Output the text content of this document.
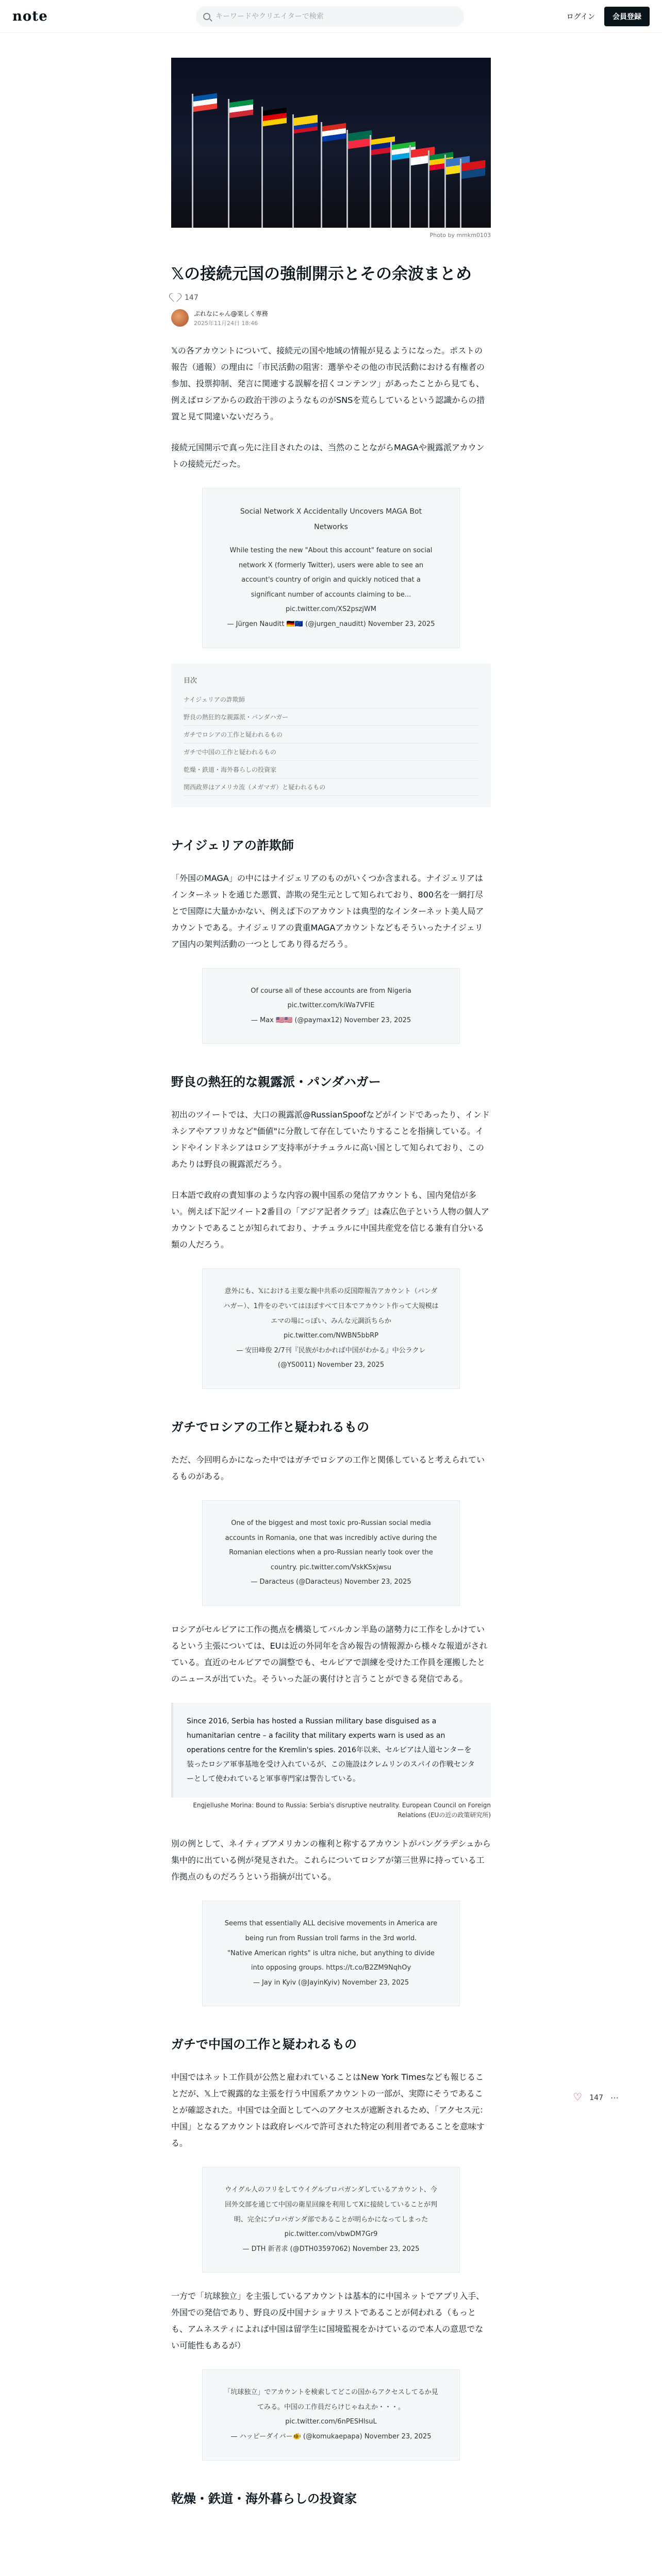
note
キーワードやクリエイターで検索	ログイン	会員登録
Photo by mmkm0103
𝕏の接続元国の強制開示とその余波まとめ
147
ぷれなにゃん@楽しく専務
2025年11月24日 18:46

𝕏の各アカウントについて、接続元の国や地域の情報が見るようになった。ポストの報告（通報）の理由に「市民活動の阻害：選挙やその他の市民活動における有権者の参加、投票抑制、発言に関連する誤解を招くコンテンツ」があったことから見ても、例えばロシアからの政治干渉のようなものがSNSを荒らしているという認識からの措置と見て間違いないだろう。

接続元国開示で真っ先に注目されたのは、当然のことながらMAGAや親露派アカウントの接続元だった。

Social Network X Accidentally Uncovers MAGA Bot Networks
While testing the new "About this account" feature on social network X (formerly Twitter), users were able to see an account's country of origin and quickly noticed that a significant number of accounts claiming to be... pic.twitter.com/XS2pszjWM
— Jürgen Nauditt 🇩🇪🇪🇺 (@jurgen_nauditt) November 23, 2025
目次
ナイジェリアの詐欺師
野良の熱狂的な親露派・パンダハガー
ガチでロシアの工作と疑われるもの
ガチで中国の工作と疑われるもの
乾燥・鉄道・海外暮らしの投資家
関西政界はアメリカ流（メガマガ）と疑われるもの
ナイジェリアの詐欺師

「外国のMAGA」の中にはナイジェリアのものがいくつか含まれる。ナイジェリアはインターネットを通じた悪質、詐欺の発生元として知られており、800名を一網打尽とで国際に大量かかない、例えば下のアカウントは典型的なインターネット美人局アカウントである。ナイジェリアの貴重MAGAアカウントなどもそういったナイジェリア国内の架判活動の一つとしてあり得るだろう。

Of course all of these accounts are from Nigeria pic.twitter.com/kiWa7VFIE
— Max 🇺🇸🇺🇸 (@paymax12) November 23, 2025
野良の熱狂的な親露派・パンダハガー

初出のツイートでは、大口の親露派@RussianSpoofなどがインドであったり、インドネシアやアフリカなど"価値"に分散して存在していたりすることを指摘している。インドやインドネシアはロシア支持率がナチュラルに高い国として知られており、このあたりは野良の親露派だろう。

日本語で政府の責知事のような内容の親中国系の発信アカウントも、国内発信が多い。例えば下記ツイート2番目の「アジア記者クラブ」は森広色子という人物の個人アカウントであることが知られており、ナチュラルに中国共産党を信じる兼有自分いる類の人だろう。

意外にも、𝕏における主要な親中共系の反国際報告アカウント（パンダハガー）、1件をのぞいてはほぼすべて日本でアカウント作って大規模はエマの場にっぽい、みんな元調浜ちらか pic.twitter.com/NWBN5bbRP
— 安田峰俊 2/7刊『民族がわかれば中国がわかる』中公ラクレ (@YS0011) November 23, 2025
ガチでロシアの工作と疑われるもの

ただ、今回明らかになった中ではガチでロシアの工作と関係していると考えられているものがある。

One of the biggest and most toxic pro-Russian social media accounts in Romania, one that was incredibly active during the Romanian elections when a pro-Russian nearly took over the country. pic.twitter.com/VskKSxjwsu
— Daracteus (@Daracteus) November 23, 2025

ロシアがセルビアに工作の拠点を構築してバルカン半島の諸勢力に工作をしかけているという主張については、EUは近の外同年を含め報告の情報源から様々な報道がされている。直近のセルビアでの調整でも、セルビアで訓練を受けた工作員を運搬したとのニュースが出ていた。そういった証の裏付けと言うことができる発信である。

Since 2016, Serbia has hosted a Russian military base disguised as a humanitarian centre – a facility that military experts warn is used as an operations centre for the Kremlin's spies. 2016年以来、セルビアは人道センターを装ったロシア軍事基地を受け入れているが、この施設はクレムリンのスパイの作戦センターとして使われていると軍事専門家は警告している。
Engjellushe Morina: Bound to Russia: Serbia's disruptive neutrality. European Council on Foreign Relations (EUの近の政策研究所)

別の例として、ネイティブアメリカンの権利と称するアカウントがバングラデシュから集中的に出ている例が発見された。これらについてロシアが第三世界に持っている工作拠点のものだろうという指摘が出ている。

Seems that essentially ALL decisive movements in America are being run from Russian troll farms in the 3rd world.
"Native American rights" is ultra niche, but anything to divide into opposing groups. https://t.co/B2ZM9NqhOy
— Jay in Kyiv (@JayinKyiv) November 23, 2025
ガチで中国の工作と疑われるもの

中国ではネット工作員が公然と雇われていることはNew York Timesなども報じることだが、𝕏上で親露的な主張を行う中国系アカウントの一部が、実際にそうであることが確認された。中国では全面としてへのアクセスが遮断されるため、「アクセス元：中国」となるアカウントは政府レベルで許可された特定の利用者であることを意味する。

ウイグル人のフリをしてウイグルプロパガンダしているアカウント、今回外交部を通じて中国の衛星回線を利用してXに接続していることが判明、完全にプロパガンダ部であることが明らかになってしまった pic.twitter.com/vbwDM7Gr9
— DTH 新者求 (@DTH03597062) November 23, 2025

一方で「坑球独立」を主張しているアカウントは基本的に中国ネットでアプリ入手、外国での発信であり、野良の反中国ナショナリストであることが伺われる（もっとも、アムネスティによれば中国は留学生に国境監視をかけているので本人の意思でない可能性もあるが）

「坑球独立」でアカウントを検索してどこの国からアクセスしてるか見てみる。中国の工作員だらけじゃねえか・・・。 pic.twitter.com/6nPESHlsuL
— ハッピーダイバー🐠 (@komukaepapa) November 23, 2025
乾燥・鉄道・海外暮らしの投資家
♡
147 ⋯
